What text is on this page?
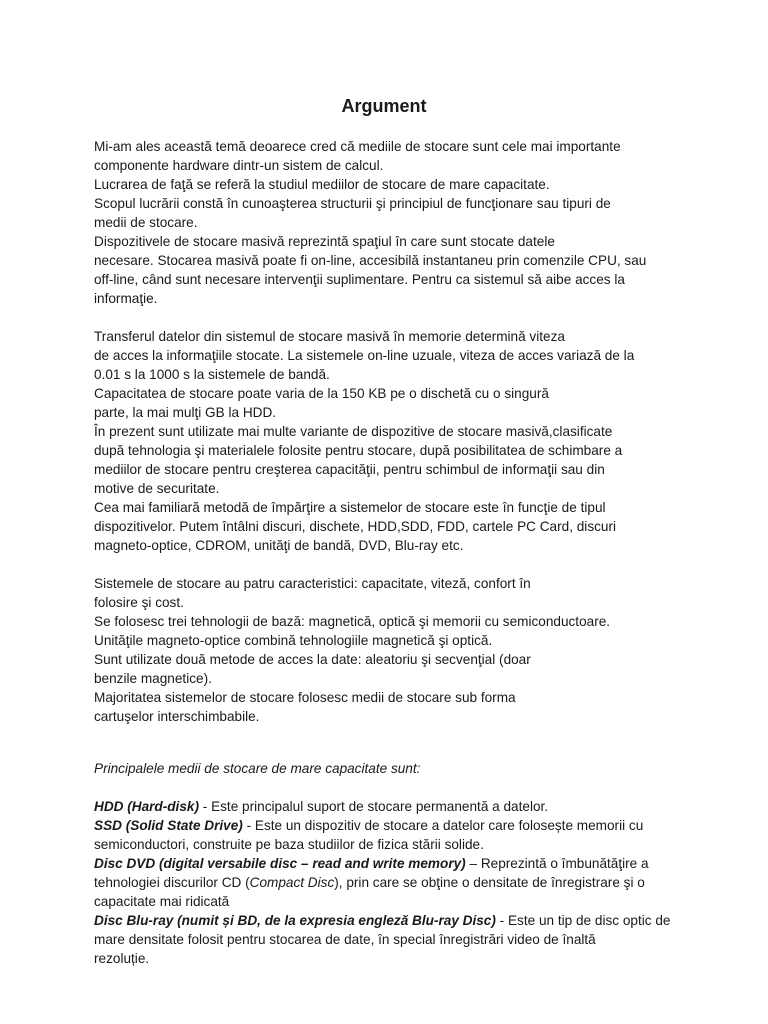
Argument
Mi-am ales această temă deoarece cred că mediile de stocare sunt cele mai importante
componente hardware dintr-un sistem de calcul.
Lucrarea de faţă se referă la studiul mediilor de stocare de mare capacitate.
Scopul lucrării constă în cunoaşterea structurii şi principiul de funcţionare sau tipuri de
medii de stocare.
Dispozitivele de stocare masivă reprezintă spaţiul în care sunt stocate datele
necesare. Stocarea masivă poate fi on-line, accesibilă instantaneu prin comenzile CPU, sau
off-line, când sunt necesare intervenţii suplimentare. Pentru ca sistemul să aibe acces la
informaţie.
Transferul datelor din sistemul de stocare masivă în memorie determină viteza
de acces la informaţiile stocate. La sistemele on-line uzuale, viteza de acces variază de la
0.01 s la 1000 s la sistemele de bandă.
Capacitatea de stocare poate varia de la 150 KB pe o dischetă cu o singură
parte, la mai mulţi GB la HDD.
În prezent sunt utilizate mai multe variante de dispozitive de stocare masivă,clasificate
după tehnologia şi materialele folosite pentru stocare, după posibilitatea de schimbare a
mediilor de stocare pentru creşterea capacităţii, pentru schimbul de informaţii sau din
motive de securitate.
Cea mai familiară metodă de împărţire a sistemelor de stocare este în funcţie de tipul
dispozitivelor. Putem întâlni discuri, dischete, HDD,SDD, FDD, cartele PC Card, discuri
magneto-optice, CDROM, unităţi de bandă, DVD, Blu-ray etc.
Sistemele de stocare au patru caracteristici: capacitate, viteză, confort în
folosire şi cost.
Se folosesc trei tehnologii de bază: magnetică, optică şi memorii cu semiconductoare.
Unităţile magneto-optice combină tehnologiile magnetică şi optică.
Sunt utilizate două metode de acces la date: aleatoriu şi secvenţial (doar
benzile magnetice).
Majoritatea sistemelor de stocare folosesc medii de stocare sub forma
cartuşelor interschimbabile.
Principalele medii de stocare de mare capacitate sunt:
HDD (Hard-disk) - Este principalul suport de stocare permanentă a datelor.
SSD (Solid State Drive) - Este un dispozitiv de stocare a datelor care folosește memorii cu
semiconductori, construite pe baza studiilor de fizica stării solide.
Disc DVD (digital versabile disc – read and write memory) – Reprezintă o îmbunătăţire a
tehnologiei discurilor CD (Compact Disc), prin care se obţine o densitate de înregistrare şi o
capacitate mai ridicată
Disc Blu-ray (numit și BD, de la expresia engleză Blu-ray Disc) - Este un tip de disc optic de
mare densitate folosit pentru stocarea de date, în special înregistrări video de înaltă
rezoluție.
